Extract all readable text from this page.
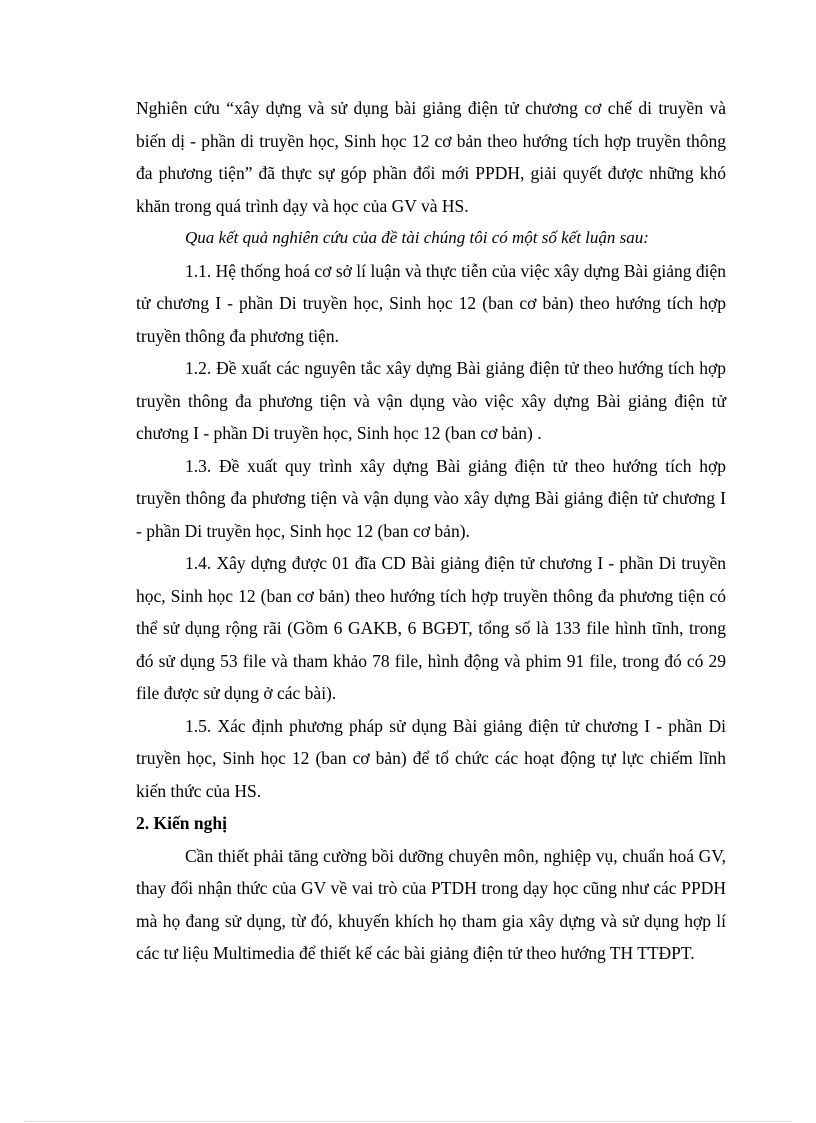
Nghiên cứu “xây dựng và sử dụng bài giảng điện tử chương cơ chế di truyền và biến dị - phần di truyền học, Sinh học 12 cơ bản theo hướng tích hợp truyền thông đa phương tiện” đã thực sự góp phần đổi mới PPDH, giải quyết được những khó khăn trong quá trình dạy và học của GV và HS.

Qua kết quả nghiên cứu của đề tài chúng tôi có một số kết luận sau:

1.1. Hệ thống hoá cơ sở lí luận và thực tiễn của việc xây dựng Bài giảng điện tử chương I - phần Di truyền học, Sinh học 12 (ban cơ bản) theo hướng tích hợp truyền thông đa phương tiện.

1.2. Đề xuất các nguyên tắc xây dựng Bài giảng điện tử theo hướng tích hợp truyền thông đa phương tiện và vận dụng vào việc xây dựng Bài giảng điện tử chương I - phần Di truyền học, Sinh học 12 (ban cơ bản) .

1.3. Đề xuất quy trình xây dựng Bài giảng điện tử theo hướng tích hợp truyền thông đa phương tiện và vận dụng vào xây dựng Bài giảng điện tử chương I - phần Di truyền học, Sinh học 12 (ban cơ bản).

1.4. Xây dựng được 01 đĩa CD Bài giảng điện tử chương I - phần Di truyền học, Sinh học 12 (ban cơ bản) theo hướng tích hợp truyền thông đa phương tiện có thể sử dụng rộng rãi (Gồm 6 GAKB, 6 BGĐT, tổng số là 133 file hình tĩnh, trong đó sử dụng 53 file và tham khảo 78 file, hình động và phim 91 file, trong đó có 29 file được sử dụng ở các bài).

1.5. Xác định phương pháp sử dụng Bài giảng điện tử chương I - phần Di truyền học, Sinh học 12 (ban cơ bản) để tổ chức các hoạt động tự lực chiếm lĩnh kiến thức của HS.

2. Kiến nghị

Cần thiết phải tăng cường bồi dưỡng chuyên môn, nghiệp vụ, chuẩn hoá GV, thay đổi nhận thức của GV về vai trò của PTDH trong dạy học cũng như các PPDH mà họ đang sử dụng, từ đó, khuyến khích họ tham gia xây dựng và sử dụng hợp lí các tư liệu Multimedia để thiết kế các bài giảng điện tử theo hướng TH TTĐPT.
